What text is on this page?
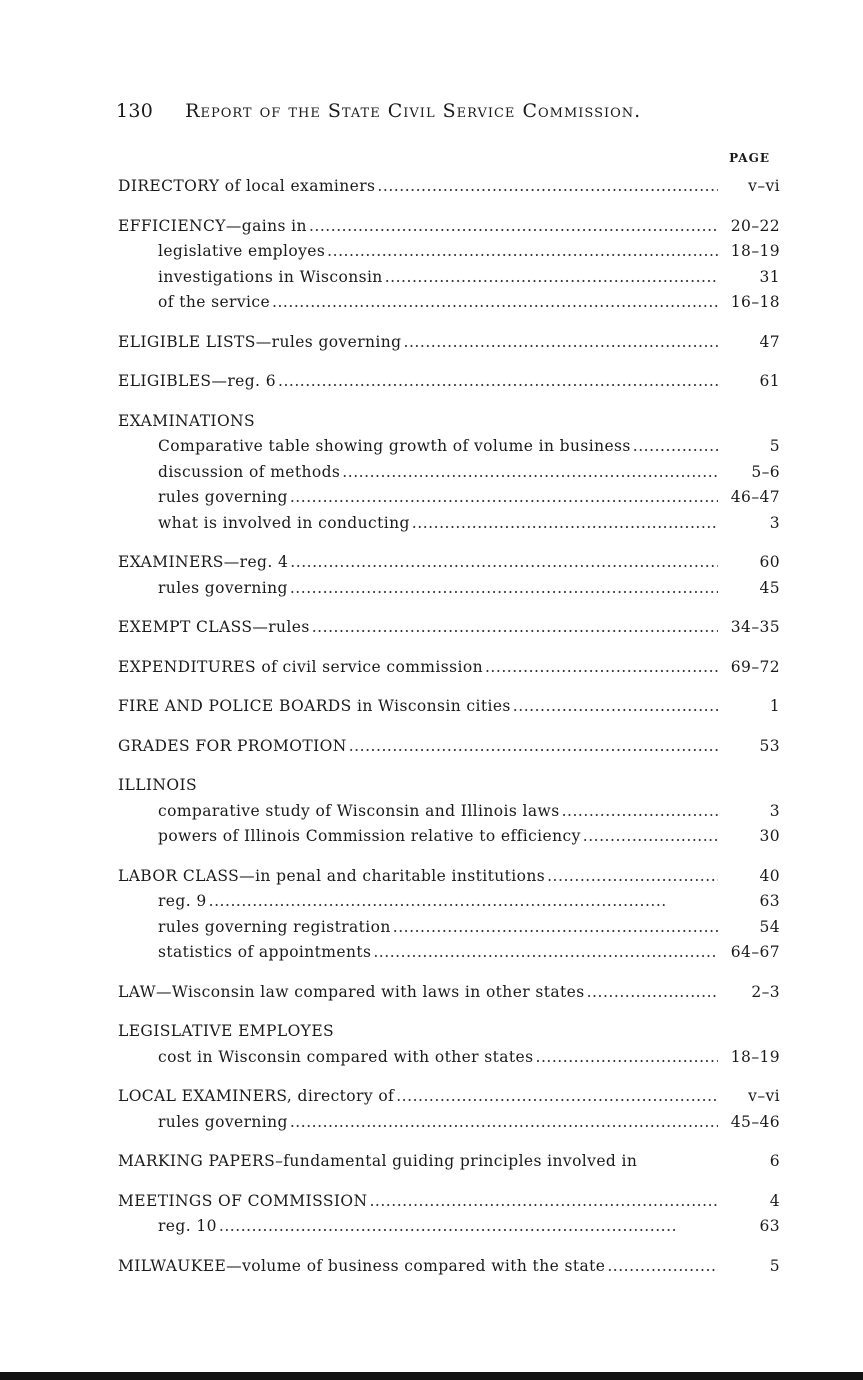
130 Report of the State Civil Service Commission.
PAGE
DIRECTORY of local examiners . . .	v–vi
EFFICIENCY—gains in . . .	20–22
legislative employes . . .	18–19
investigations in Wisconsin . . .	31
of the service . . .	16–18
ELIGIBLE LISTS—rules governing . . .	47
ELIGIBLES—reg. 6 . . .	61
EXAMINATIONS
Comparative table showing growth of volume in business . . .	5
discussion of methods . . .	5–6
rules governing . . .	46–47
what is involved in conducting . . .	3
EXAMINERS—reg. 4 . . .	60
rules governing . . .	45
EXEMPT CLASS—rules . . .	34–35
EXPENDITURES of civil service commission . . .	69–72
FIRE AND POLICE BOARDS in Wisconsin cities . . .	1
GRADES FOR PROMOTION . . .	53
ILLINOIS
comparative study of Wisconsin and Illinois laws . . .	3
powers of Illinois Commission relative to efficiency . . .	30
LABOR CLASS—in penal and charitable institutions . . .	40
reg. 9 . . .	63
rules governing registration . . .	54
statistics of appointments . . .	64–67
LAW—Wisconsin law compared with laws in other states . . .	2–3
LEGISLATIVE EMPLOYES
cost in Wisconsin compared with other states . . .	18–19
LOCAL EXAMINERS, directory of . . .	v–vi
rules governing . . .	45–46
MARKING PAPERS–fundamental guiding principles involved in	6
MEETINGS OF COMMISSION . . .	4
reg. 10 . . .	63
MILWAUKEE—volume of business compared with the state . . .	5
